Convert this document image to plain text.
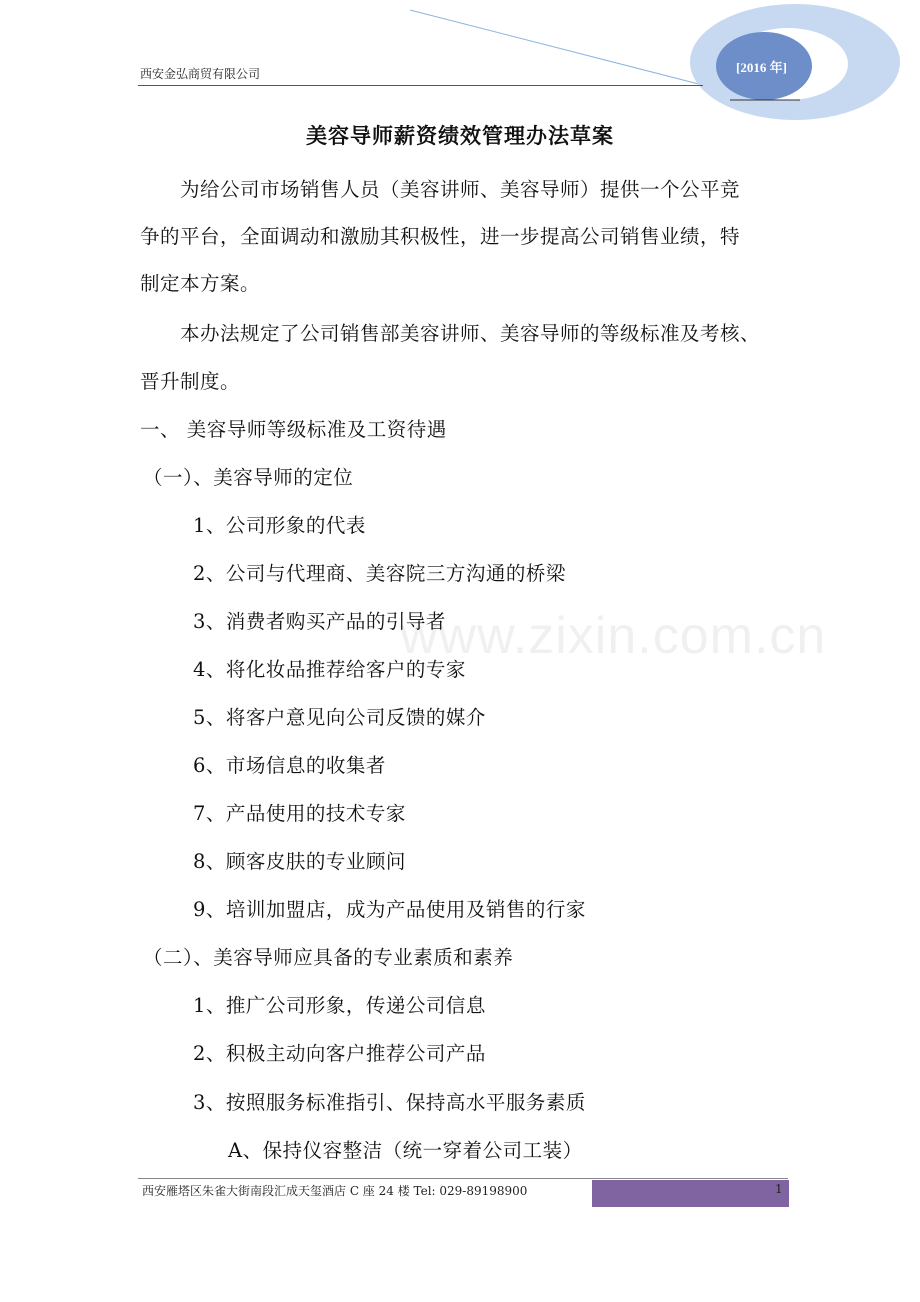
西安金弘商贸有限公司	[2016 年]
www.zixin.com.cn
美容导师薪资绩效管理办法草案
为给公司市场销售人员（美容讲师、美容导师）提供一个公平竞
争的平台，全面调动和激励其积极性，进一步提高公司销售业绩，特
制定本方案。
本办法规定了公司销售部美容讲师、美容导师的等级标准及考核、
晋升制度。
一、 美容导师等级标准及工资待遇
（一）、美容导师的定位
1、公司形象的代表
2、公司与代理商、美容院三方沟通的桥梁
3、消费者购买产品的引导者
4、将化妆品推荐给客户的专家
5、将客户意见向公司反馈的媒介
6、市场信息的收集者
7、产品使用的技术专家
8、顾客皮肤的专业顾问
9、培训加盟店，成为产品使用及销售的行家
（二）、美容导师应具备的专业素质和素养
1、推广公司形象，传递公司信息
2、积极主动向客户推荐公司产品
3、按照服务标准指引、保持高水平服务素质
A、保持仪容整洁（统一穿着公司工装）
西安雁塔区朱雀大街南段汇成天玺酒店 C 座 24 楼 Tel: 029-89198900	1
